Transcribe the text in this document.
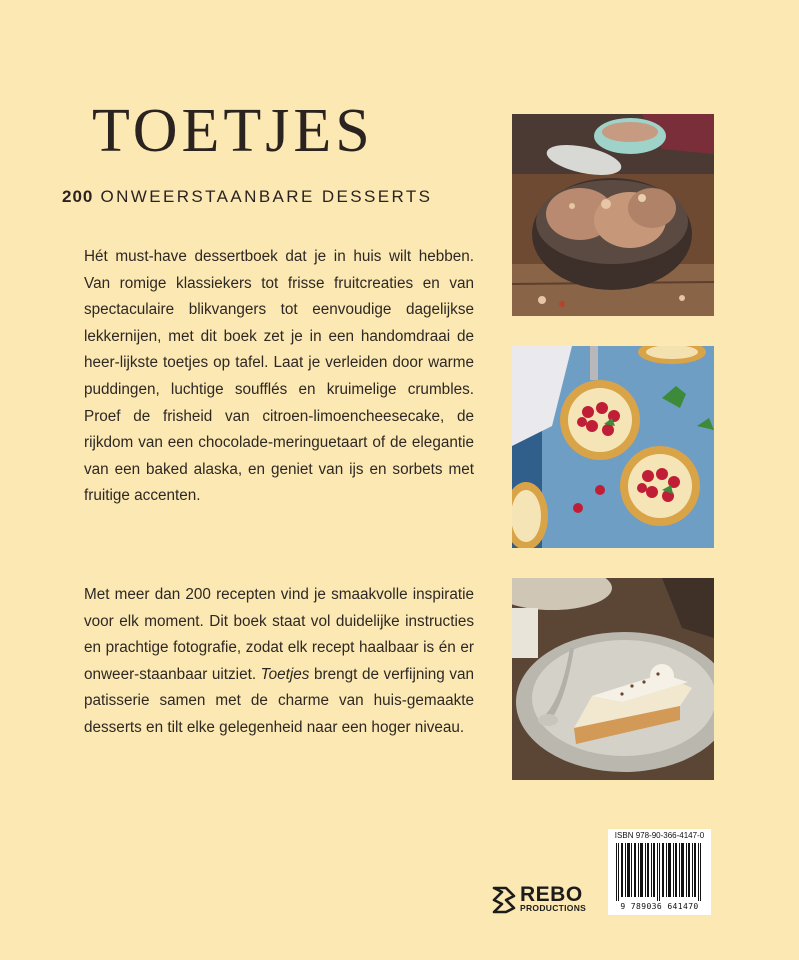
TOETJES
200 ONWEERSTAANBARE DESSERTS

Hét must-have dessertboek dat je in huis wilt hebben. Van romige klassiekers tot frisse fruitcreaties en van spectaculaire blikvangers tot eenvoudige dagelijkse lekkernijen, met dit boek zet je in een handomdraai de heer-lijkste toetjes op tafel. Laat je verleiden door warme puddingen, luchtige soufflés en kruimelige crumbles. Proef de frisheid van citroen-limoencheesecake, de rijkdom van een chocolade-meringuetaart of de elegantie van een baked alaska, en geniet van ijs en sorbets met fruitige accenten.

Met meer dan 200 recepten vind je smaakvolle inspiratie voor elk moment. Dit boek staat vol duidelijke instructies en prachtige fotografie, zodat elk recept haalbaar is én er onweer-staanbaar uitziet. Toetjes brengt de verfijning van patisserie samen met de charme van huis-gemaakte desserts en tilt elke gelegenheid naar een hoger niveau.

ISBN 978-90-366-4147-0
9 789036 641470
REBO
PRODUCTIONS
